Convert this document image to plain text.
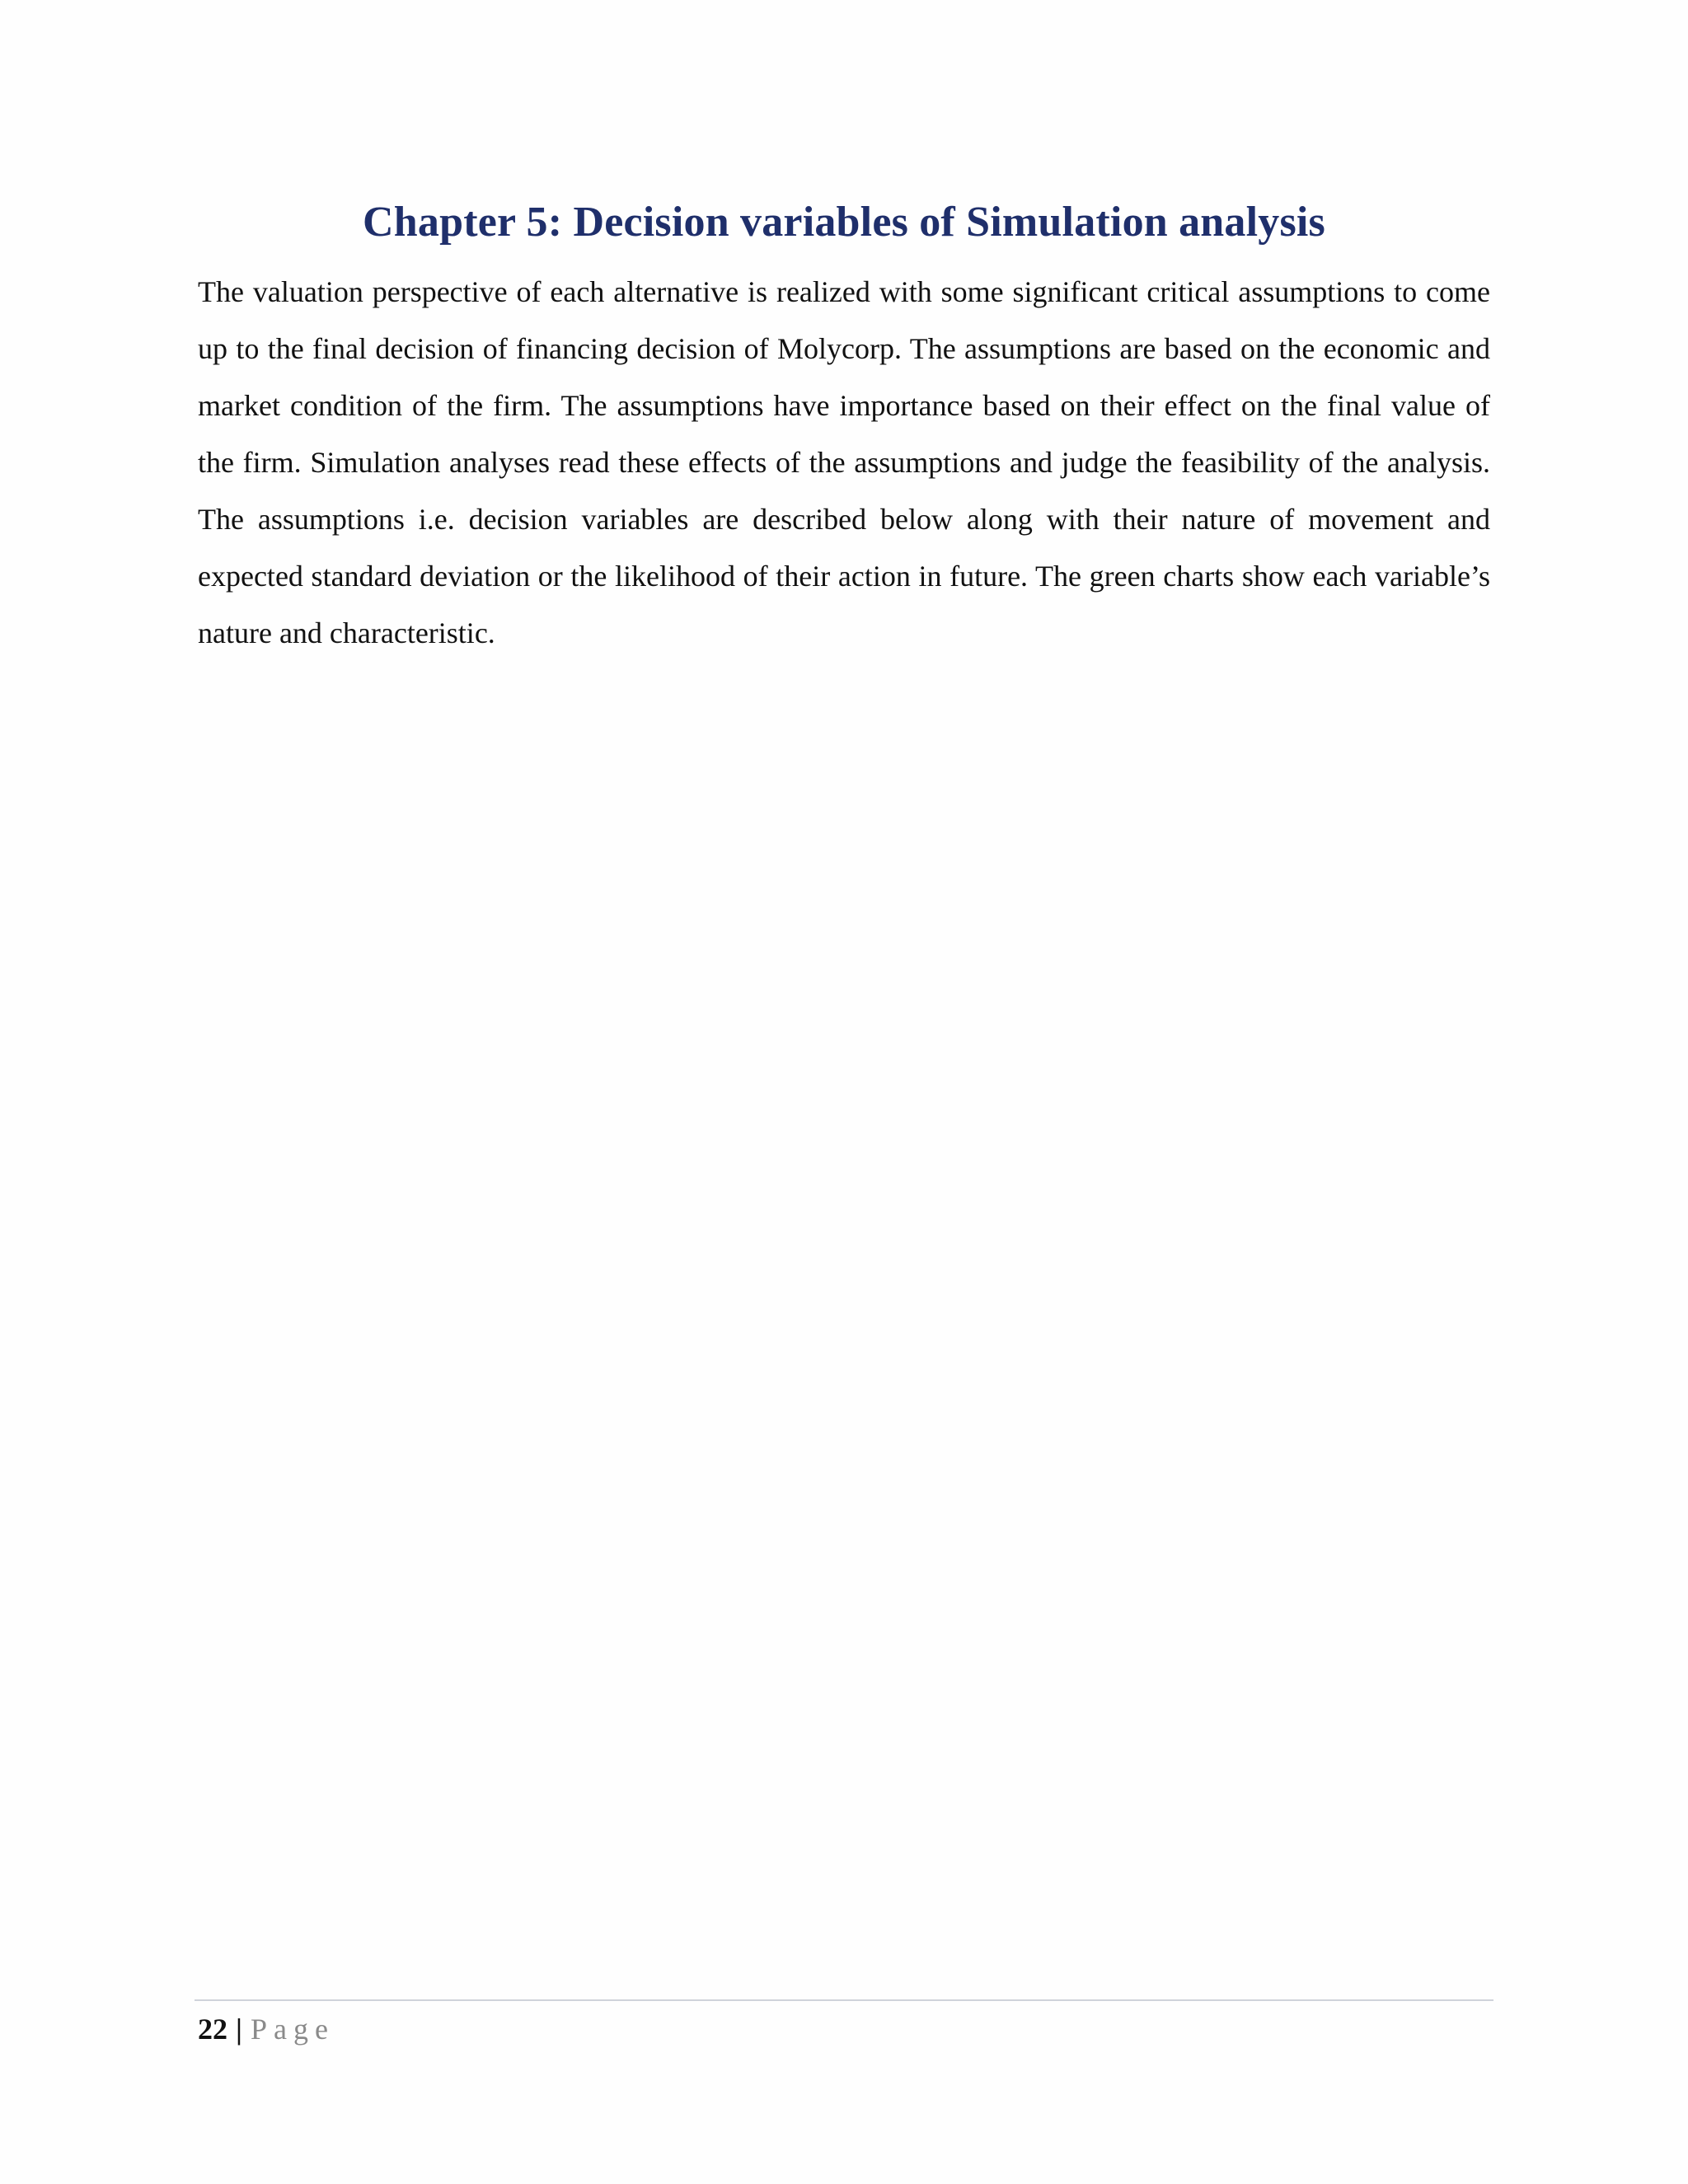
Chapter 5: Decision variables of Simulation analysis

The valuation perspective of each alternative is realized with some significant critical assumptions to come up to the final decision of financing decision of Molycorp. The assumptions are based on the economic and market condition of the firm. The assumptions have importance based on their effect on the final value of the firm. Simulation analyses read these effects of the assumptions and judge the feasibility of the analysis. The assumptions i.e. decision variables are described below along with their nature of movement and expected standard deviation or the likelihood of their action in future. The green charts show each variable’s nature and characteristic.

22 | Page
